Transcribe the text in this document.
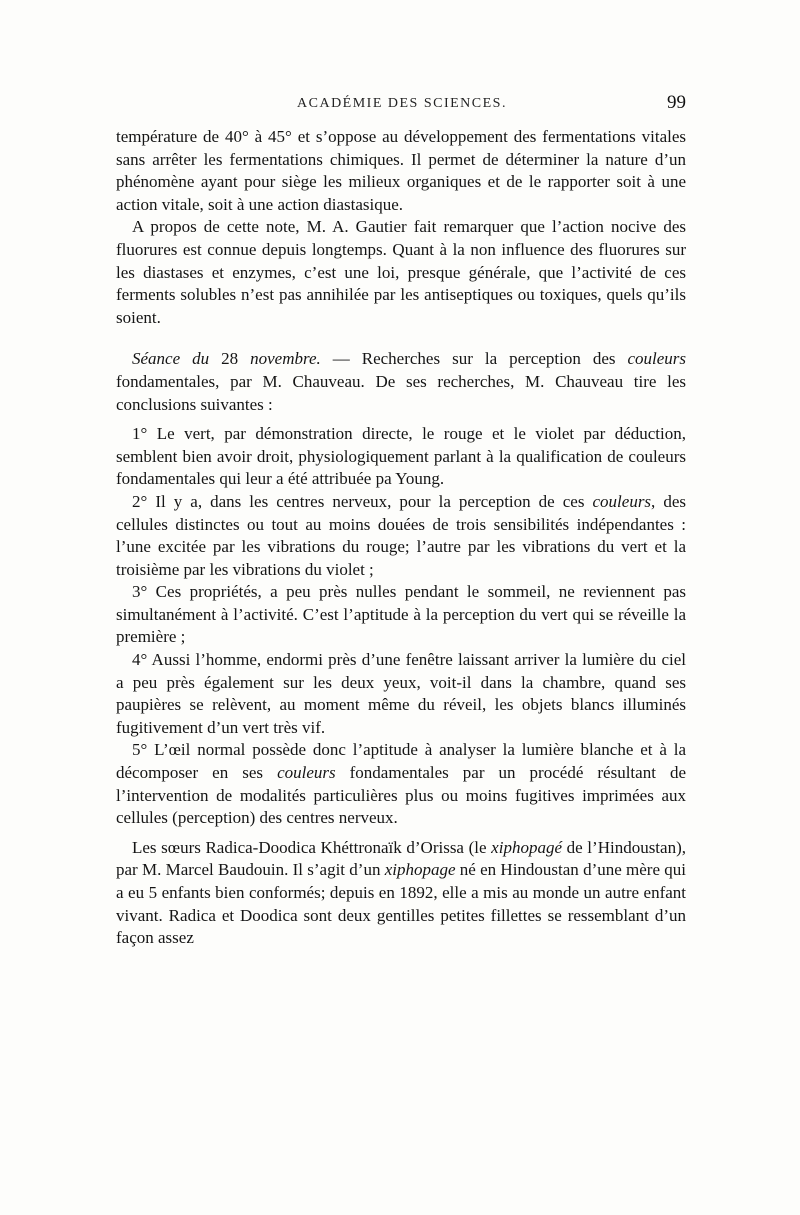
ACADÉMIE DES SCIENCES.	99

température de 40° à 45° et s’oppose au développement des fermentations vitales sans arrêter les fermentations chimiques. Il permet de déterminer la nature d’un phénomène ayant pour siège les milieux organiques et de le rapporter soit à une action vitale, soit à une action diastasique.

A propos de cette note, M. A. Gautier fait remarquer que l’action nocive des fluorures est connue depuis longtemps. Quant à la non influence des fluorures sur les diastases et enzymes, c’est une loi, presque générale, que l’activité de ces ferments solubles n’est pas annihilée par les antiseptiques ou toxiques, quels qu’ils soient.

Séance du 28 novembre. — Recherches sur la perception des couleurs fondamentales, par M. Chauveau. De ses recherches, M. Chauveau tire les conclusions suivantes :

1° Le vert, par démonstration directe, le rouge et le violet par déduction, semblent bien avoir droit, physiologiquement parlant à la qualification de couleurs fondamentales qui leur a été attribuée pa Young.

2° Il y a, dans les centres nerveux, pour la perception de ces couleurs, des cellules distinctes ou tout au moins douées de trois sensibilités indépendantes : l’une excitée par les vibrations du rouge; l’autre par les vibrations du vert et la troisième par les vibrations du violet ;

3° Ces propriétés, a peu près nulles pendant le sommeil, ne reviennent pas simultanément à l’activité. C’est l’aptitude à la perception du vert qui se réveille la première ;

4° Aussi l’homme, endormi près d’une fenêtre laissant arriver la lumière du ciel a peu près également sur les deux yeux, voit-il dans la chambre, quand ses paupières se relèvent, au moment même du réveil, les objets blancs illuminés fugitivement d’un vert très vif.

5° L’œil normal possède donc l’aptitude à analyser la lumière blanche et à la décomposer en ses couleurs fondamentales par un procédé résultant de l’intervention de modalités particulières plus ou moins fugitives imprimées aux cellules (perception) des centres nerveux.

Les sœurs Radica-Doodica Khéttronaïk d’Orissa (le xiphopagé de l’Hindoustan), par M. Marcel Baudouin. Il s’agit d’un xiphopage né en Hindoustan d’une mère qui a eu 5 enfants bien conformés; depuis en 1892, elle a mis au monde un autre enfant vivant. Radica et Doodica sont deux gentilles petites fillettes se ressemblant d’un façon assez
